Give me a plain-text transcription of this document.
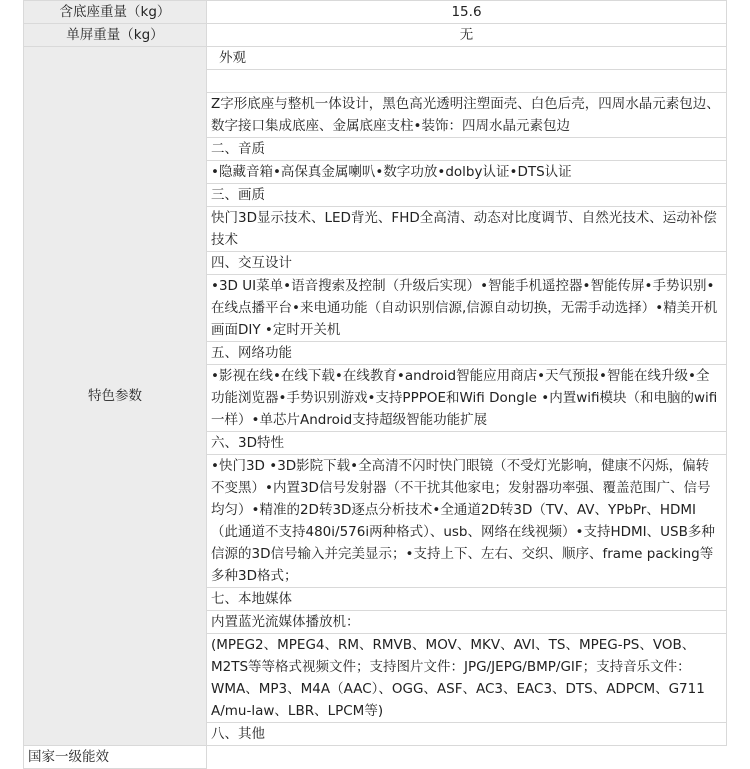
含底座重量（kg）	15.6
单屏重量（kg）	无
特色参数	外观

	Z字形底座与整机一体设计，黑色高光透明注塑面壳、白色后壳，四周水晶元素包边、数字接口集成底座、金属底座支柱•装饰：四周水晶元素包边
	二、音质
	•隐藏音箱•高保真金属喇叭•数字功放•dolby认证•DTS认证
	三、画质
	快门3D显示技术、LED背光、FHD全高清、动态对比度调节、自然光技术、运动补偿技术
	四、交互设计
	•3D UI菜单•语音搜索及控制（升级后实现）•智能手机遥控器•智能传屏•手势识别•在线点播平台•来电通功能（自动识别信源,信源自动切换，无需手动选择）•精美开机画面DIY •定时开关机
	五、网络功能
	•影视在线•在线下载•在线教育•android智能应用商店•天气预报•智能在线升级•全功能浏览器•手势识别游戏•支持PPPOE和Wifi Dongle •内置wifi模块（和电脑的wifi一样）•单芯片Android支持超级智能功能扩展
	六、3D特性
	•快门3D •3D影院下载•全高清不闪时快门眼镜（不受灯光影响，健康不闪烁，偏转不变黑）•内置3D信号发射器（不干扰其他家电；发射器功率强、覆盖范围广、信号均匀）•精准的2D转3D逐点分析技术•全通道2D转3D（TV、AV、YPbPr、HDMI（此通道不支持480i/576i两种格式）、usb、网络在线视频）•支持HDMI、USB多种信源的3D信号输入并完美显示；•支持上下、左右、交织、顺序、frame packing等多种3D格式；
	七、本地媒体
	内置蓝光流媒体播放机：
	(MPEG2、MPEG4、RM、RMVB、MOV、MKV、AVI、TS、MPEG-PS、VOB、M2TS等等格式视频文件；支持图片文件：JPG/JEPG/BMP/GIF；支持音乐文件：WMA、MP3、M4A（AAC）、OGG、ASF、AC3、EAC3、DTS、ADPCM、G711 A/mu-law、LBR、LPCM等)
	八、其他
国家一级能效	
